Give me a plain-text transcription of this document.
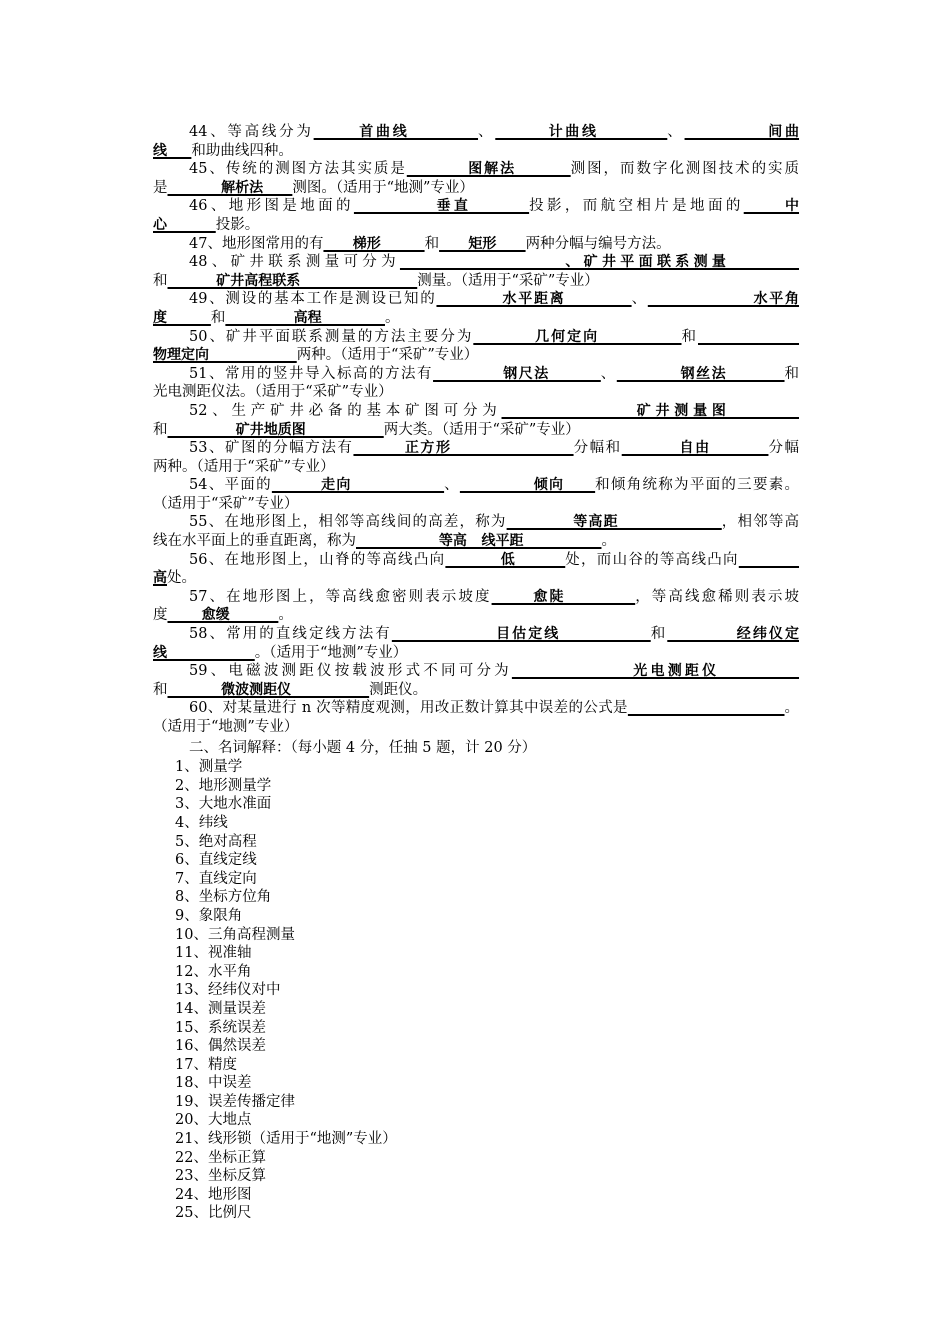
44、等高线分为      首曲线         、       计曲线         、           间曲

线     和助曲线四种。

45、传统的测图方法其实质是         图解法        测图，而数字化测图技术的实质

是           解析法      测图。（适用于“地测”专业）

46、地形图是地面的          垂直       投影，而航空相片是地面的     中

心          投影。

47、地形图常用的有      梯形         和      矩形      两种分幅与编号方法。

48、矿井联系测量可分为                  、矿井平面联系测量

和          矿井高程联系                        测量。（适用于“采矿”专业）

49、测设的基本工作是测设已知的          水平距离          、                水平角

度         和              高程             。

50、矿井平面联系测量的方法主要分为         几何定向            和

物理定向                  两种。（适用于“采矿”专业）

51、常用的竖井导入标高的方法有           钢尺法        、          钢丝法         和

光电测距仪法。（适用于“采矿”专业）

52、生产矿井必备的基本矿图可分为              矿井测量图

和              矿井地质图                两大类。（适用于“采矿”专业）

53、矿图的分幅方法有        正方形                   分幅和         自由         分幅

两种。（适用于“采矿”专业）

54、平面的        走向               、            倾向     和倾角统称为平面的三要素。

（适用于“采矿”专业）

55、在地形图上，相邻等高线间的高差，称为           等高距                 ，相邻等高

线在水平面上的垂直距离，称为                 等高   线平距                。

56、在地形图上，山脊的等高线凸向         低        处，而山谷的等高线凸向

高处。

57、在地形图上，等高线愈密则表示坡度      愈陡          ，等高线愈稀则表示坡

度       愈缓          。

58、常用的直线定线方法有               目估定线             和          经纬仪定

线                  。（适用于“地测”专业）

59、电磁波测距仪按载波形式不同可分为               光电测距仪

和           微波测距仪                测距仪。

60、对某量进行 n 次等精度观测，用改正数计算其中误差的公式是	。

（适用于“地测”专业）

二、名词解释：（每小题 4 分，任抽 5 题，计 20 分）
1、测量学
2、地形测量学
3、大地水准面
4、纬线
5、绝对高程
6、直线定线
7、直线定向
8、坐标方位角
9、象限角
10、三角高程测量
11、视准轴
12、水平角
13、经纬仪对中
14、测量误差
15、系统误差
16、偶然误差
17、精度
18、中误差
19、误差传播定律
20、大地点
21、线形锁（适用于“地测”专业）
22、坐标正算
23、坐标反算
24、地形图
25、比例尺
